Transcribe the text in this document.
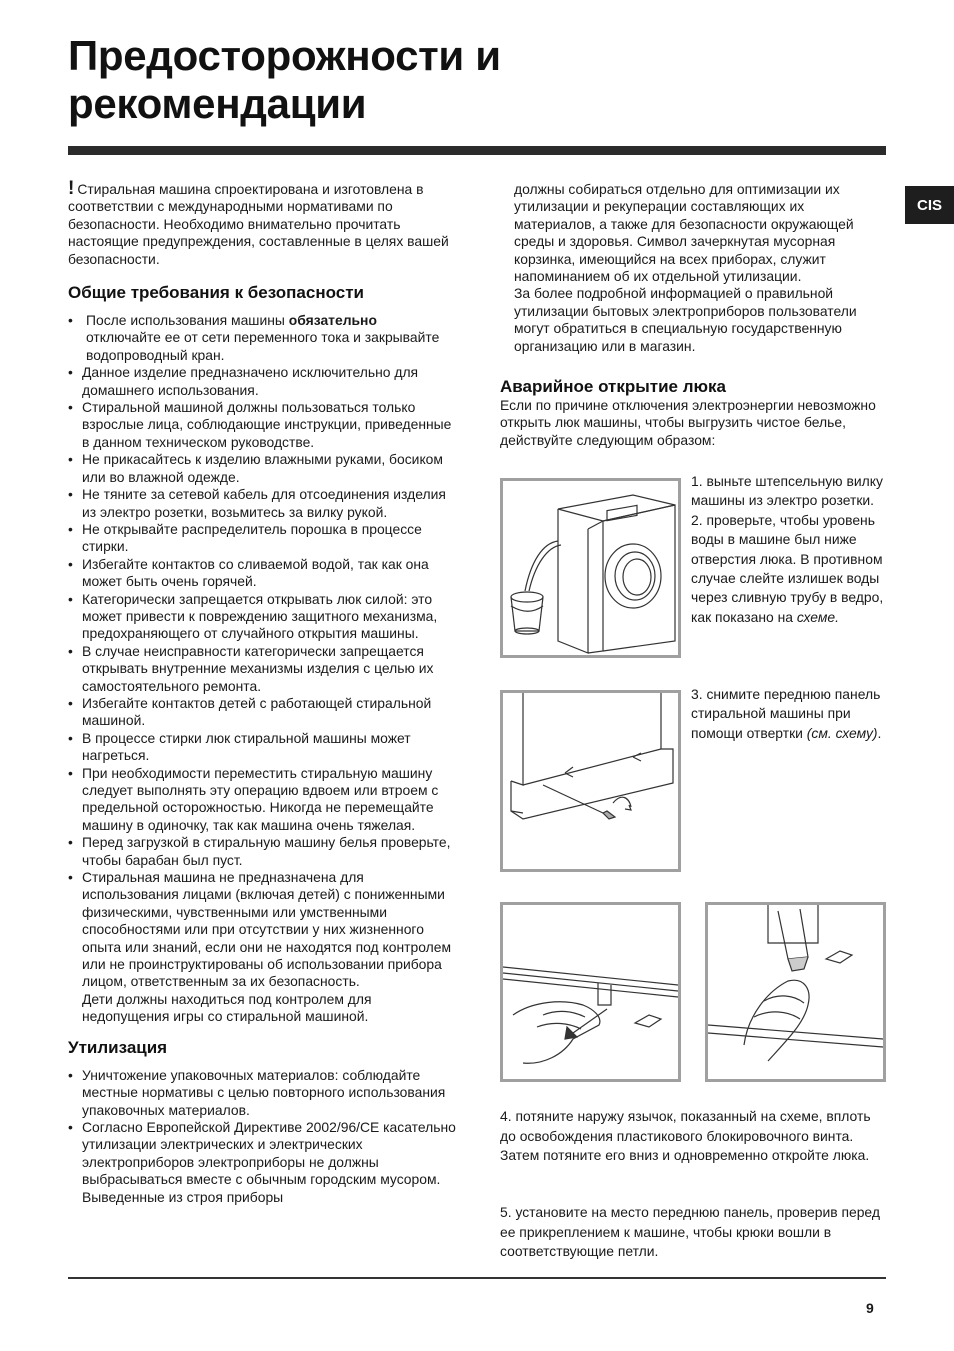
Предосторожности и
рекомендации
CIS

! Стиральная машина спроектирована и изготовлена в соответствии с международными нормативами по безопасности. Необходимо внимательно прочитать настоящие предупреждения, составленные в целях вашей безопасности.

Общие требования к безопасности
• После использования машины обязательно
отключайте ее от сети переменного тока и закрывайте водопроводный кран.
• Данное изделие предназначено исключительно для домашнего использования.
• Стиральной машиной должны пользоваться только взрослые лица, соблюдающие инструкции, приведенные в данном техническом руководстве.
• Не прикасайтесь к изделию влажными руками, босиком или во влажной одежде.
• Не тяните за сетевой кабель для отсоединения изделия из электро розетки, возьмитесь за вилку рукой.
• Не открывайте распределитель порошка в процессе стирки.
• Избегайте контактов со сливаемой водой, так как она может быть очень горячей.
• Категорически запрещается открывать люк силой: это может привести к повреждению защитного механизма, предохраняющего от случайного открытия машины.
• В случае неисправности категорически запрещается открывать внутренние механизмы изделия с целью их самостоятельного ремонта.
• Избегайте контактов детей с работающей стиральной машиной.
• В процессе стирки люк стиральной машины может нагреться.
• При необходимости переместить стиральную машину следует выполнять эту операцию вдвоем или втроем с предельной осторожностью. Никогда не перемещайте машину в одиночку, так как машина очень тяжелая.
• Перед загрузкой в стиральную машину белья проверьте, чтобы барабан был пуст.
• Стиральная машина не предназначена для использования лицами (включая детей) с пониженными физическими, чувственными или умственными способностями или при отсутствии у них жизненного опыта или знаний, если они не находятся под контролем или не проинструктированы об использовании прибора лицом, ответственным за их безопасность.
Дети должны находиться под контролем для недопущения игры со стиральной машиной.
Утилизация
• Уничтожение упаковочных материалов: соблюдайте местные нормативы с целью повторного использования упаковочных материалов.
• Согласно Европейской Директиве 2002/96/CE касательно утилизации электрических и электрических электроприборов электроприборы не должны выбрасываться вместе с обычным городским мусором. Выведенные из строя приборы

должны собираться отдельно для оптимизации их утилизации и рекуперации составляющих их материалов, а также для безопасности окружающей среды и здоровья. Символ зачеркнутая мусорная корзинка, имеющийся на всех приборах, служит напоминанием об их отдельной утилизации.

За более подробной информацией о правильной утилизации бытовых электроприборов пользователи могут обратиться в специальную государственную организацию или в магазин.

Аварийное открытие люка

Если по причине отключения электроэнергии невозможно открыть люк машины, чтобы выгрузить чистое белье, действуйте следующим образом:

1. выньте штепсельную вилку машины из электро розетки.
2. проверьте, чтобы уровень воды в машине был ниже отверстия люка. В противном случае слейте излишек воды через сливную трубу в ведро, как показано на схеме.
3. снимите переднюю панель стиральной машины при помощи отвертки (см. схему).
4. потяните наружу язычок, показанный на схеме, вплоть до освобождения пластикового блокировочного винта. Затем потяните его вниз и одновременно откройте люка.
5. установите на место переднюю панель, проверив перед ее прикреплением к машине, чтобы крюки вошли в соответствующие петли.
9
